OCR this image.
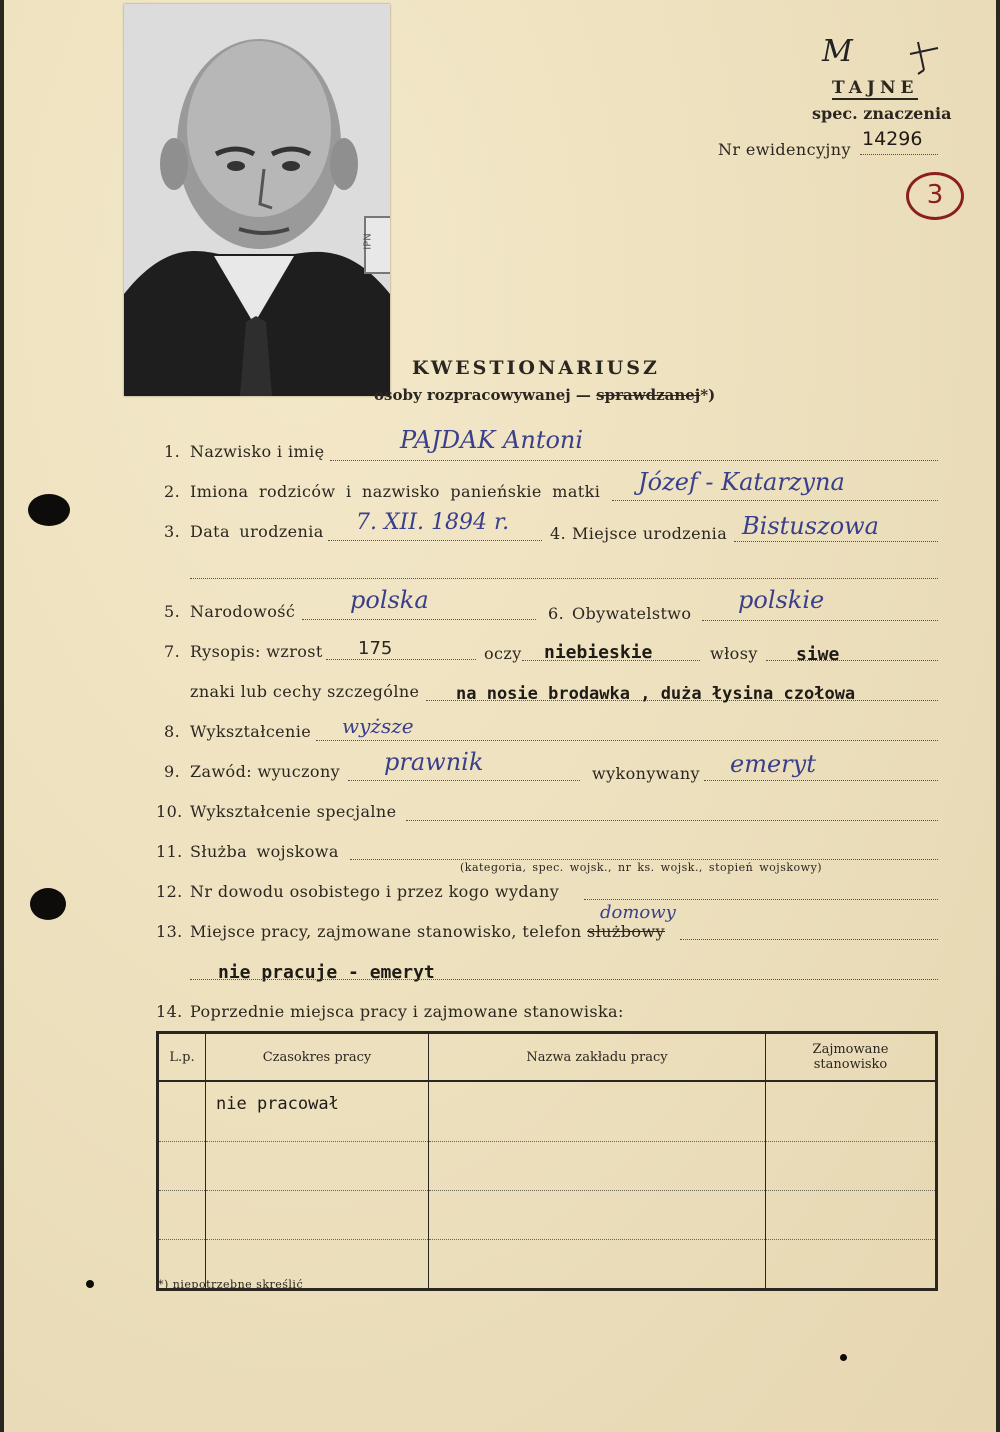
IPN
M
TAJNE
spec. znaczenia
Nr ewidencyjny 14296
3
KWESTIONARIUSZ
osoby rozpracowywanej — sprawdzanej*)
1. Nazwisko i imię	PAJDAK Antoni
2. Imiona rodziców i nazwisko panieńskie matki Józef - Katarzyna
3. Data urodzenia 7. XII. 1894 r.	4. Miejsce urodzenia Bistuszowa
5. Narodowość polska	6. Obywatelstwo polskie
7. Rysopis: wzrost 175	oczy niebieskie	włosy siwe
znaki lub cechy szczególne na nosie brodawka , duża łysina czołowa
8. Wykształcenie wyższe
9. Zawód: wyuczony prawnik	wykonywany emeryt
10. Wykształcenie specjalne
11. Służba wojskowa
(kategoria, spec. wojsk., nr ks. wojsk., stopień wojskowy)
12. Nr dowodu osobistego i przez kogo wydany
13. Miejsce pracy, zajmowane stanowisko, telefon służbowy
domowy
nie pracuje - emeryt
14. Poprzednie miejsca pracy i zajmowane stanowiska:
L.p.	Czasokres pracy	Nazwa zakładu pracy	Zajmowane stanowisko
	nie pracował		

*) niepotrzebne skreślić
